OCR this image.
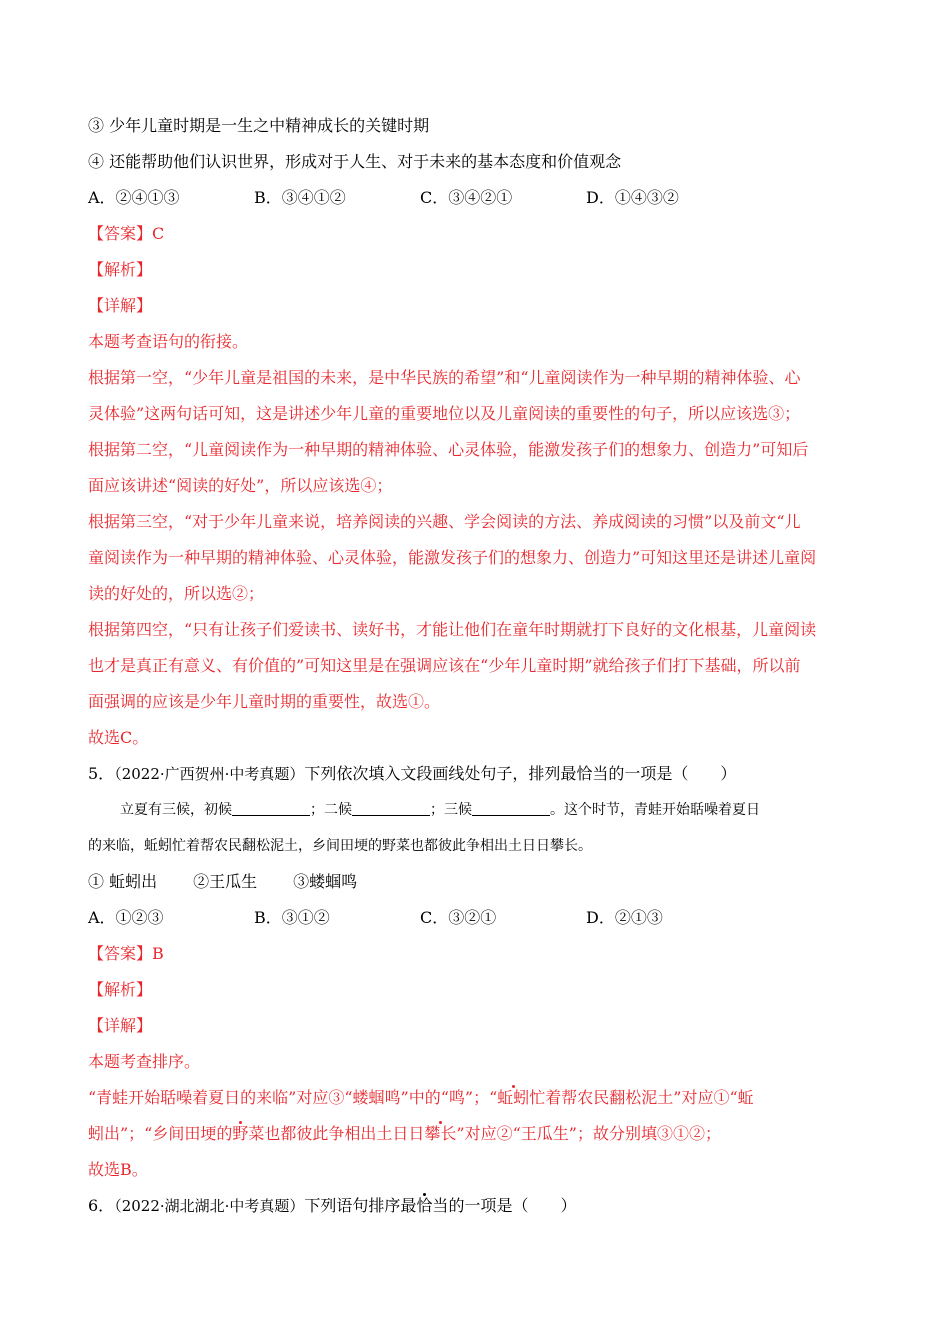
③ 少年儿童时期是一生之中精神成长的关键时期
④ 还能帮助他们认识世界，形成对于人生、对于未来的基本态度和价值观念
A．②④①③	B．③④①②	C．③④②①	D．①④③②
【答案】C
【解析】
【详解】
本题考查语句的衔接。
根据第一空，“少年儿童是祖国的未来，是中华民族的希望”和“儿童阅读作为一种早期的精神体验、心
灵体验”这两句话可知，这是讲述少年儿童的重要地位以及儿童阅读的重要性的句子，所以应该选③；
根据第二空，“儿童阅读作为一种早期的精神体验、心灵体验，能激发孩子们的想象力、创造力”可知后
面应该讲述“阅读的好处”，所以应该选④；
根据第三空，“对于少年儿童来说，培养阅读的兴趣、学会阅读的方法、养成阅读的习惯”以及前文“儿
童阅读作为一种早期的精神体验、心灵体验，能激发孩子们的想象力、创造力”可知这里还是讲述儿童阅
读的好处的，所以选②；
根据第四空，“只有让孩子们爱读书、读好书，才能让他们在童年时期就打下良好的文化根基，儿童阅读
也才是真正有意义、有价值的”可知这里是在强调应该在“少年儿童时期”就给孩子们打下基础，所以前
面强调的应该是少年儿童时期的重要性，故选①。
故选C。
5．（2022·广西贺州·中考真题）下列依次填入文段画线处句子，排列最恰当的一项是（　　）
立夏有三候，初候	；二候	；三候	。这个时节，青蛙开始聒噪着夏日
的来临，蚯蚓忙着帮农民翻松泥土，乡间田埂的野菜也都彼此争相出土日日攀长。
① 蚯蚓出 ②王瓜生 ③蝼蝈鸣
A．①②③	B．③①②	C．③②①	D．②①③
【答案】B
【解析】
【详解】
本题考查排序。
“青蛙开始聒噪着夏日的来临”对应③“蝼蝈鸣”中的“鸣”；“蚯蚓忙着帮农民翻松泥土”对应①“蚯
蚓出”；“乡间田埂的野菜也都彼此争相出土日日攀长”对应②“王瓜生”；故分别填③①②；
故选B。
6．（2022·湖北湖北·中考真题）下列语句排序最恰当的一项是（　　）
